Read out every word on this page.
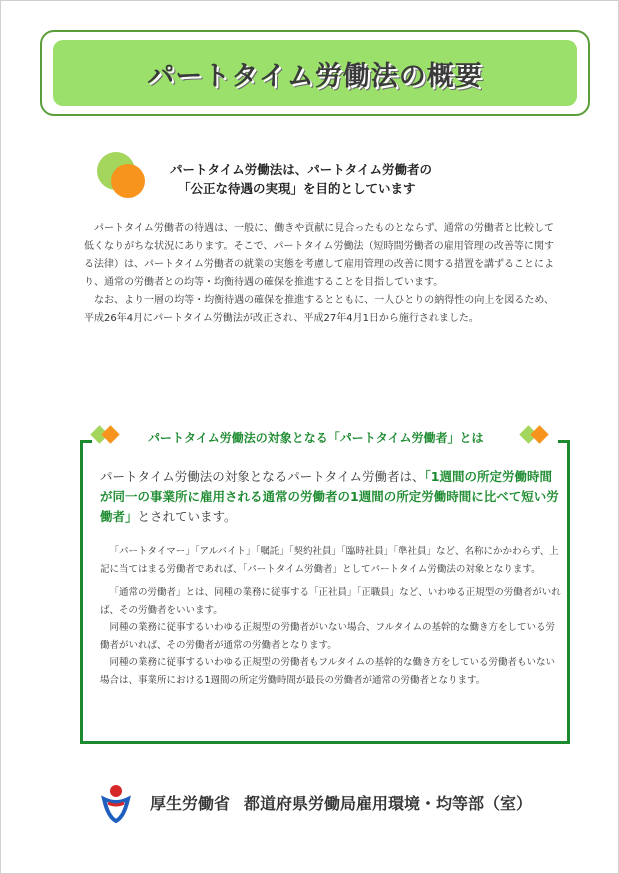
パートタイム労働法の概要
パートタイム労働法は、パートタイム労働者の
「公正な待遇の実現」を目的としています

パートタイム労働者の待遇は、一般に、働きや貢献に見合ったものとならず、通常の労働者と比較して低くなりがちな状況にあります。そこで、パートタイム労働法（短時間労働者の雇用管理の改善等に関する法律）は、パートタイム労働者の就業の実態を考慮して雇用管理の改善に関する措置を講ずることにより、通常の労働者との均等・均衡待遇の確保を推進することを目指しています。

なお、より一層の均等・均衡待遇の確保を推進するとともに、一人ひとりの納得性の向上を図るため、平成26年4月にパートタイム労働法が改正され、平成27年4月1日から施行されました。

パートタイム労働法の対象となる「パートタイム労働者」とは
パートタイム労働法の対象となるパートタイム労働者は、「1週間の所定労働時間が同一の事業所に雇用される通常の労働者の1週間の所定労働時間に比べて短い労働者」とされています。

「パートタイマー」「アルバイト」「嘱託」「契約社員」「臨時社員」「準社員」など、名称にかかわらず、上記に当てはまる労働者であれば、「パートタイム労働者」としてパートタイム労働法の対象となります。

「通常の労働者」とは、同種の業務に従事する「正社員」「正職員」など、いわゆる正規型の労働者がいれば、その労働者をいいます。

同種の業務に従事するいわゆる正規型の労働者がいない場合、フルタイムの基幹的な働き方をしている労働者がいれば、その労働者が通常の労働者となります。

同種の業務に従事するいわゆる正規型の労働者もフルタイムの基幹的な働き方をしている労働者もいない場合は、事業所における1週間の所定労働時間が最長の労働者が通常の労働者となります。

厚生労働省 都道府県労働局雇用環境・均等部（室）
